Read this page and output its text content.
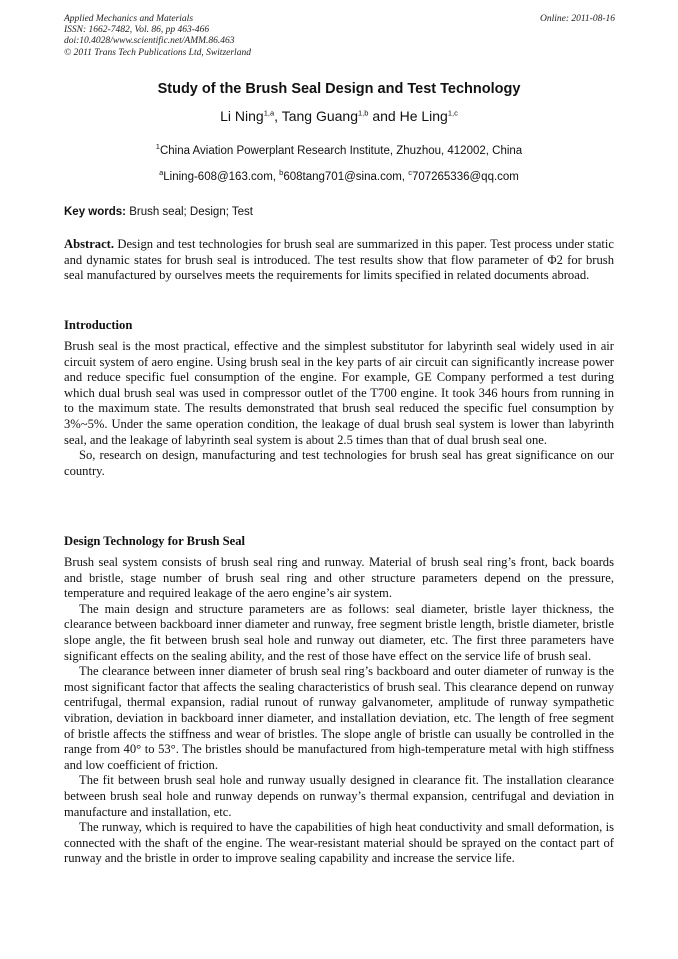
Applied Mechanics and Materials
ISSN: 1662-7482, Vol. 86, pp 463-466
doi:10.4028/www.scientific.net/AMM.86.463
© 2011 Trans Tech Publications Ltd, Switzerland
Online: 2011-08-16
Study of the Brush Seal Design and Test Technology
Li Ning$^{1,a}$, Tang Guang$^{1,b}$ and He Ling$^{1,c}$
$^1$China Aviation Powerplant Research Institute, Zhuzhou, 412002, China
$^a$Lining-608@163.com, $^b$608tang701@sina.com, $^c$707265336@qq.com
Key words: Brush seal; Design; Test

Abstract. Design and test technologies for brush seal are summarized in this paper. Test process under static and dynamic states for brush seal is introduced. The test results show that flow parameter of Φ2 for brush seal manufactured by ourselves meets the requirements for limits specified in related documents abroad.

Introduction

Brush seal is the most practical, effective and the simplest substitutor for labyrinth seal widely used in air circuit system of aero engine. Using brush seal in the key parts of air circuit can significantly increase power and reduce specific fuel consumption of the engine. For example, GE Company performed a test during which dual brush seal was used in compressor outlet of the T700 engine. It took 346 hours from running in to the maximum state. The results demonstrated that brush seal reduced the specific fuel consumption by 3%~5%. Under the same operation condition, the leakage of dual brush seal system is lower than labyrinth seal, and the leakage of labyrinth seal system is about 2.5 times than that of dual brush seal one.

So, research on design, manufacturing and test technologies for brush seal has great significance on our country.

Design Technology for Brush Seal

Brush seal system consists of brush seal ring and runway. Material of brush seal ring’s front, back boards and bristle, stage number of brush seal ring and other structure parameters depend on the pressure, temperature and required leakage of the aero engine’s air system.

The main design and structure parameters are as follows: seal diameter, bristle layer thickness, the clearance between backboard inner diameter and runway, free segment bristle length, bristle diameter, bristle slope angle, the fit between brush seal hole and runway out diameter, etc. The first three parameters have significant effects on the sealing ability, and the rest of those have effect on the service life of brush seal.

The clearance between inner diameter of brush seal ring’s backboard and outer diameter of runway is the most significant factor that affects the sealing characteristics of brush seal. This clearance depend on runway centrifugal, thermal expansion, radial runout of runway galvanometer, amplitude of runway sympathetic vibration, deviation in backboard inner diameter, and installation deviation, etc. The length of free segment of bristle affects the stiffness and wear of bristles. The slope angle of bristle can usually be controlled in the range from 40° to 53°. The bristles should be manufactured from high-temperature metal with high stiffness and low coefficient of friction.

The fit between brush seal hole and runway usually designed in clearance fit. The installation clearance between brush seal hole and runway depends on runway’s thermal expansion, centrifugal and deviation in manufacture and installation, etc.

The runway, which is required to have the capabilities of high heat conductivity and small deformation, is connected with the shaft of the engine. The wear-resistant material should be sprayed on the contact part of runway and the bristle in order to improve sealing capability and increase the service life.
